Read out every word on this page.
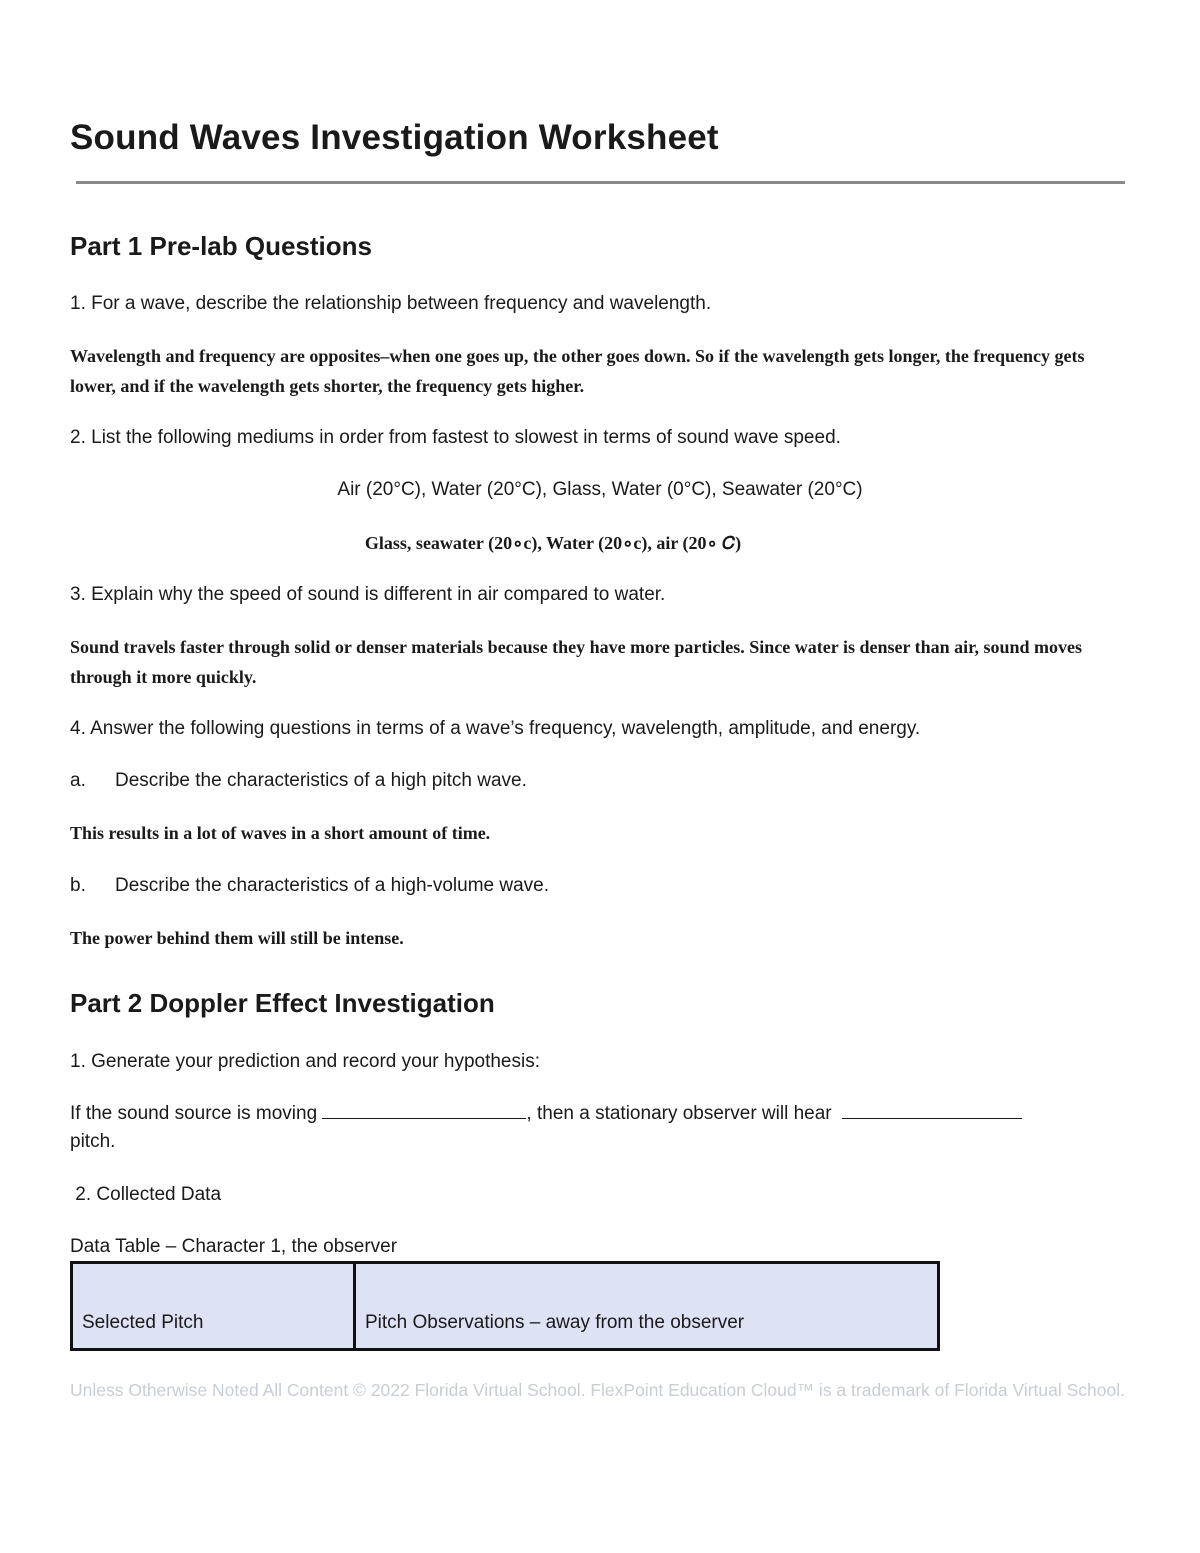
Sound Waves Investigation Worksheet
Part 1 Pre-lab Questions

1. For a wave, describe the relationship between frequency and wavelength.

Wavelength and frequency are opposites–when one goes up, the other goes down. So if the wavelength gets longer, the frequency gets lower, and if the wavelength gets shorter, the frequency gets higher.

2. List the following mediums in order from fastest to slowest in terms of sound wave speed.

Air (20°C), Water (20°C), Glass, Water (0°C), Seawater (20°C)

Glass, seawater (20∘c), Water (20∘c), air (20∘ 𝐶)

3. Explain why the speed of sound is different in air compared to water.

Sound travels faster through solid or denser materials because they have more particles. Since water is denser than air, sound moves through it more quickly.

4. Answer the following questions in terms of a wave’s frequency, wavelength, amplitude, and energy.

a. Describe the characteristics of a high pitch wave.

This results in a lot of waves in a short amount of time.

b. Describe the characteristics of a high-volume wave.

The power behind them will still be intense.

Part 2 Doppler Effect Investigation

1. Generate your prediction and record your hypothesis:

If the sound source is moving	, then a stationary observer will hear
pitch.

2. Collected Data

Data Table – Character 1, the observer

Selected Pitch	Pitch Observations – away from the observer

Unless Otherwise Noted All Content © 2022 Florida Virtual School. FlexPoint Education Cloud™ is a trademark of Florida Virtual School.
